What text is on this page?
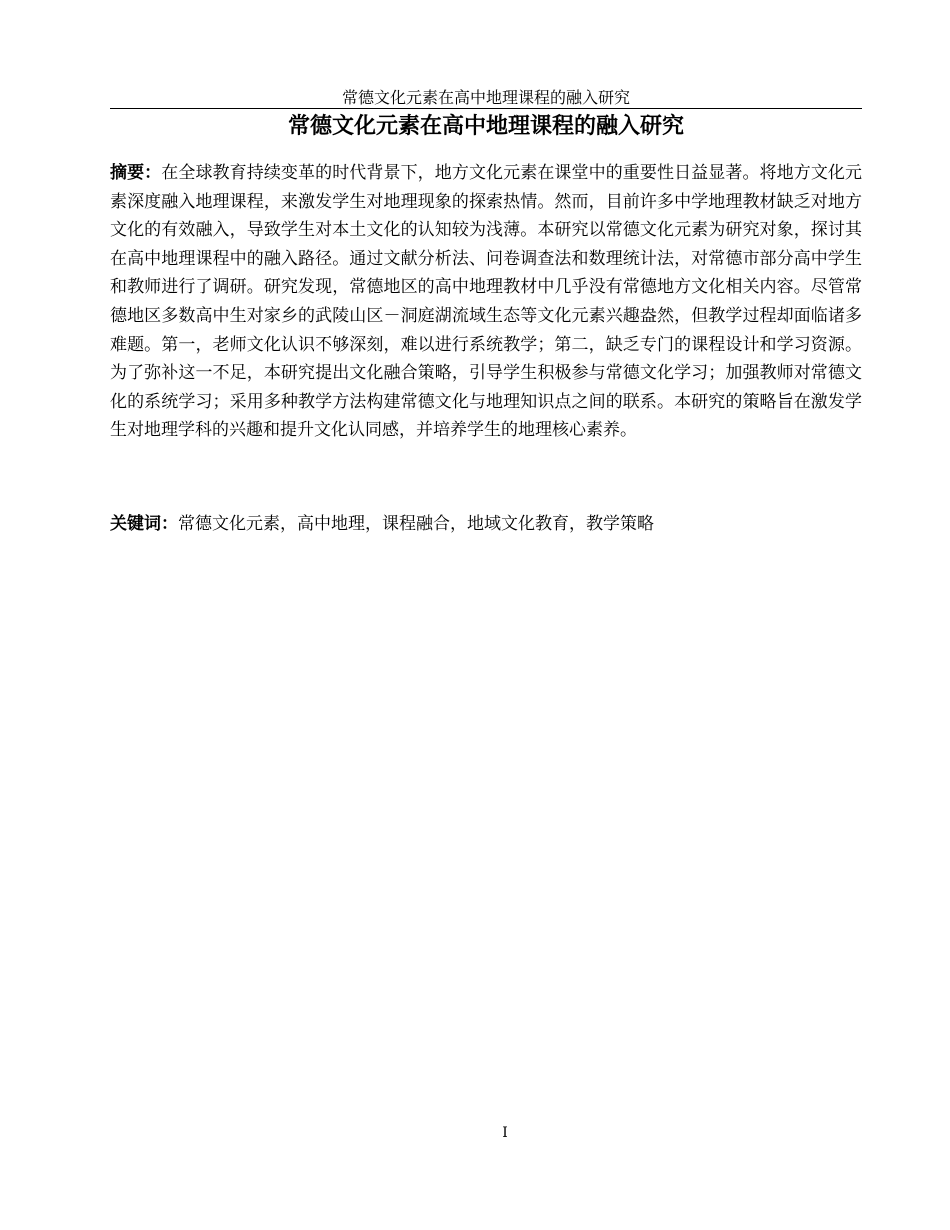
常德文化元素在高中地理课程的融入研究
常德文化元素在高中地理课程的融入研究

摘要：在全球教育持续变革的时代背景下，地方文化元素在课堂中的重要性日益显著。将地方文化元素深度融入地理课程，来激发学生对地理现象的探索热情。然而，目前许多中学地理教材缺乏对地方文化的有效融入，导致学生对本土文化的认知较为浅薄。本研究以常德文化元素为研究对象，探讨其在高中地理课程中的融入路径。通过文献分析法、问卷调查法和数理统计法，对常德市部分高中学生和教师进行了调研。研究发现，常德地区的高中地理教材中几乎没有常德地方文化相关内容。尽管常德地区多数高中生对家乡的武陵山区－洞庭湖流域生态等文化元素兴趣盎然，但教学过程却面临诸多难题。第一，老师文化认识不够深刻，难以进行系统教学；第二，缺乏专门的课程设计和学习资源。为了弥补这一不足，本研究提出文化融合策略，引导学生积极参与常德文化学习；加强教师对常德文化的系统学习；采用多种教学方法构建常德文化与地理知识点之间的联系。本研究的策略旨在激发学生对地理学科的兴趣和提升文化认同感，并培养学生的地理核心素养。

关键词：常德文化元素，高中地理，课程融合，地域文化教育，教学策略

I
